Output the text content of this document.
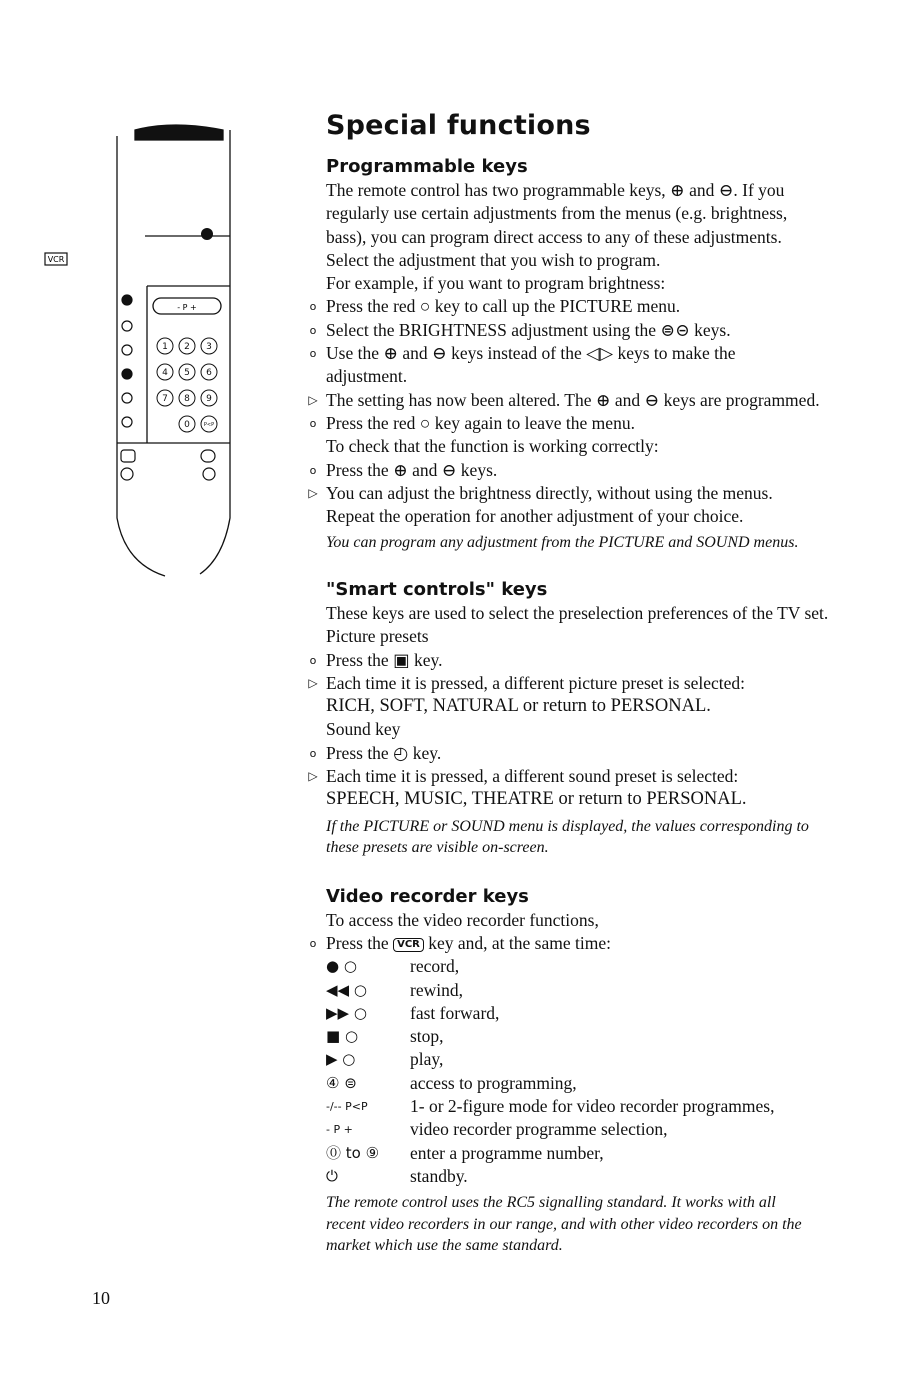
VCR
- P +
1 2 3
4 5 6
7 8 9
0	P<P
Special functions
Programmable keys
The remote control has two programmable keys, ⊕ and ⊖. If you
regularly use certain adjustments from the menus (e.g. brightness,
bass), you can program direct access to any of these adjustments.
Select the adjustment that you wish to program.
For example, if you want to program brightness:
o Press the red ○ key to call up the PICTURE menu.
o Select the BRIGHTNESS adjustment using the ⊜⊝ keys.
o Use the ⊕ and ⊖ keys instead of the ◁▷ keys to make the
adjustment.
▷ The setting has now been altered. The ⊕ and ⊖ keys are programmed.
o Press the red ○ key again to leave the menu.
To check that the function is working correctly:
o Press the ⊕ and ⊖ keys.
▷ You can adjust the brightness directly, without using the menus.
Repeat the operation for another adjustment of your choice.
You can program any adjustment from the PICTURE and SOUND menus.
"Smart controls" keys
These keys are used to select the preselection preferences of the TV set.
Picture presets
o Press the ▣ key.
▷ Each time it is pressed, a different picture preset is selected:
RICH, SOFT, NATURAL or return to PERSONAL.
Sound key
o Press the ◴ key.
▷ Each time it is pressed, a different sound preset is selected:
SPEECH, MUSIC, THEATRE or return to PERSONAL.
If the PICTURE or SOUND menu is displayed, the values corresponding to
these presets are visible on-screen.
Video recorder keys
To access the video recorder functions,
o Press the VCR key and, at the same time:
● ○	record,
◀◀ ○	rewind,
▶▶ ○	fast forward,
■ ○	stop,
▶ ○	play,
④ ⊜	access to programming,
-/-- P<P	1- or 2-figure mode for video recorder programmes,
- P +	video recorder programme selection,
⓪ to ⑨	enter a programme number,
⏻	standby.
The remote control uses the RC5 signalling standard. It works with all
recent video recorders in our range, and with other video recorders on the
market which use the same standard.
10
